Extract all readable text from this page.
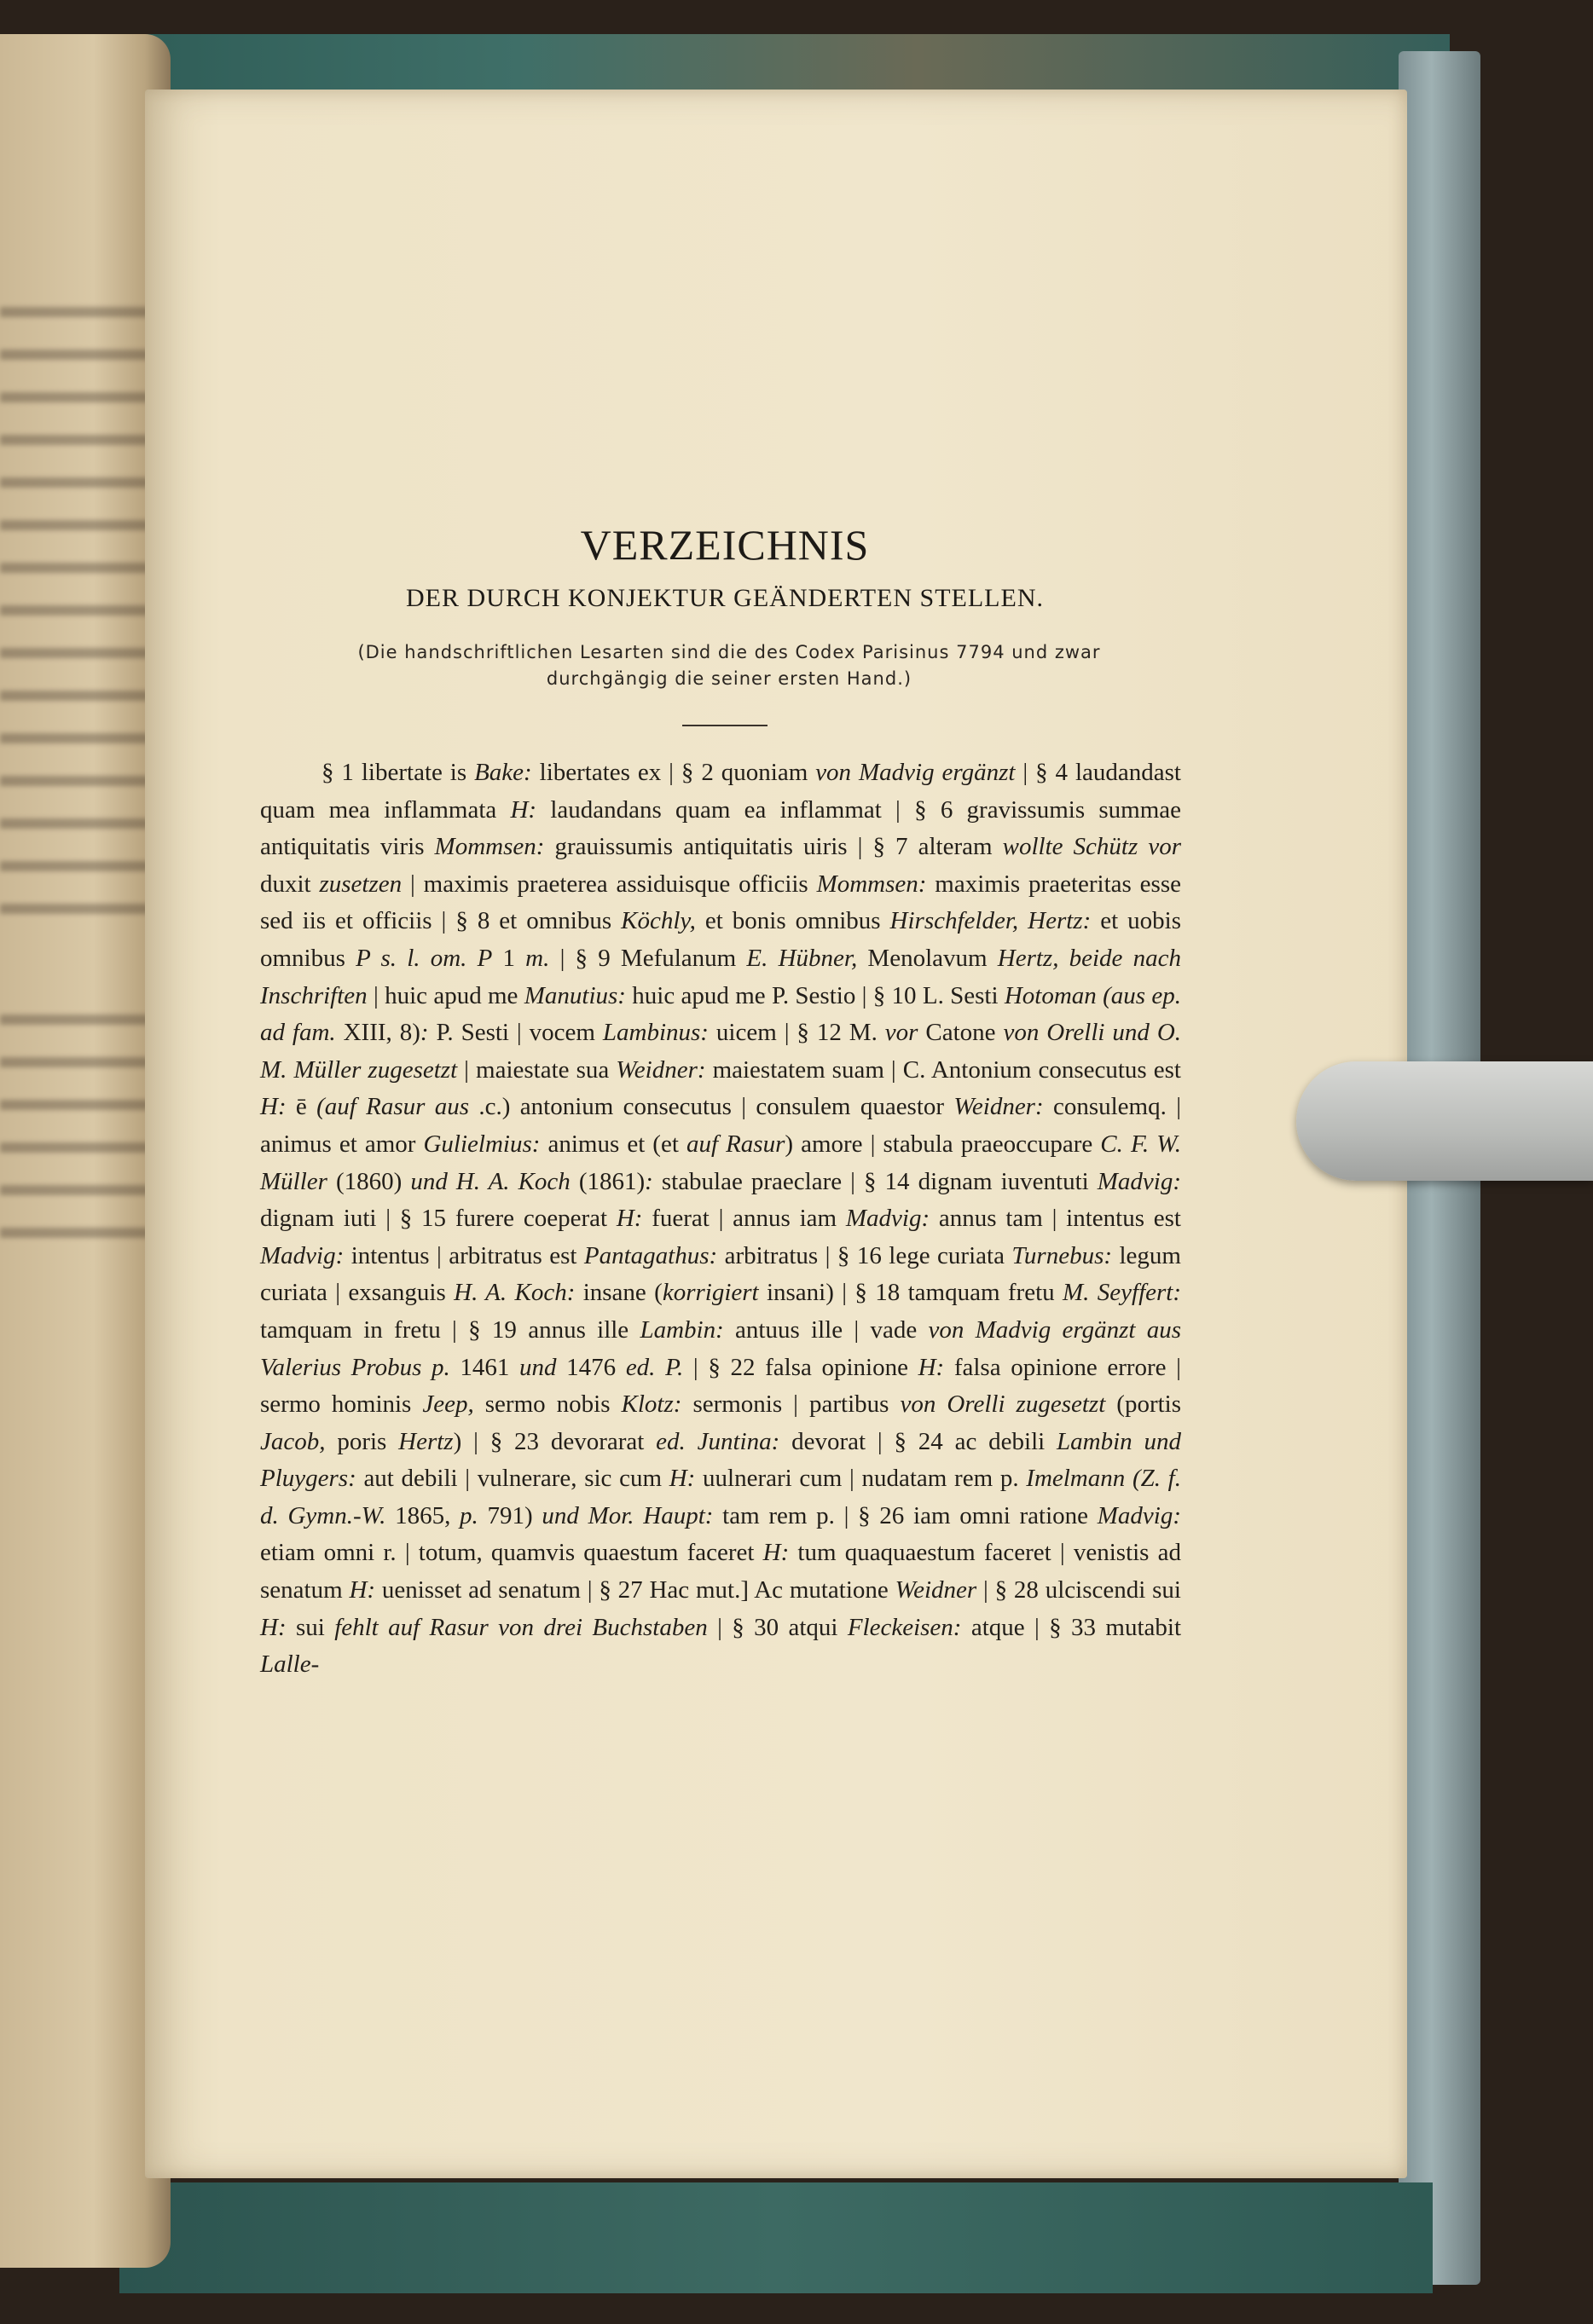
VERZEICHNIS
DER DURCH KONJEKTUR GEÄNDERTEN STELLEN.
(Die handschriftlichen Lesarten sind die des Codex Parisinus 7794 und zwar
durchgängig die seiner ersten Hand.)

§ 1 libertate is Bake: libertates ex | § 2 quoniam von Madvig ergänzt | § 4 laudandast quam mea inflammata H: laudandans quam ea inflammat | § 6 gravissumis summae antiquitatis viris Mommsen: grauissumis antiquitatis uiris | § 7 alteram wollte Schütz vor duxit zusetzen | maximis praeterea assiduisque officiis Mommsen: maximis praeteritas esse sed iis et officiis | § 8 et omnibus Köchly, et bonis omnibus Hirschfelder, Hertz: et uobis omnibus P s. l. om. P 1 m. | § 9 Mefulanum E. Hübner, Menolavum Hertz, beide nach Inschriften | huic apud me Manutius: huic apud me P. Sestio | § 10 L. Sesti Hotoman (aus ep. ad fam. XIII, 8): P. Sesti | vocem Lambinus: uicem | § 12 M. vor Catone von Orelli und O. M. Müller zugesetzt | maiestate sua Weidner: maiestatem suam | C. Antonium consecutus est H: ē (auf Rasur aus .c.) antonium consecutus | consulem quaestor Weidner: consulemq. | animus et amor Gulielmius: animus et (et auf Rasur) amore | stabula praeoccupare C. F. W. Müller (1860) und H. A. Koch (1861): stabulae praeclare | § 14 dignam iuventuti Madvig: dignam iuti | § 15 furere coeperat H: fuerat | annus iam Madvig: annus tam | intentus est Madvig: intentus | arbitratus est Pantagathus: arbitratus | § 16 lege curiata Turnebus: legum curiata | exsanguis H. A. Koch: insane (korrigiert insani) | § 18 tamquam fretu M. Seyffert: tamquam in fretu | § 19 annus ille Lambin: antuus ille | vade von Madvig ergänzt aus Valerius Probus p. 1461 und 1476 ed. P. | § 22 falsa opinione H: falsa opinione errore | sermo hominis Jeep, sermo nobis Klotz: sermonis | partibus von Orelli zugesetzt (portis Jacob, poris Hertz) | § 23 devorarat ed. Juntina: devorat | § 24 ac debili Lambin und Pluygers: aut debili | vulnerare, sic cum H: uulnerari cum | nudatam rem p. Imelmann (Z. f. d. Gymn.-W. 1865, p. 791) und Mor. Haupt: tam rem p. | § 26 iam omni ratione Madvig: etiam omni r. | totum, quamvis quaestum faceret H: tum quaquaestum faceret | venistis ad senatum H: uenisset ad senatum | § 27 Hac mut.] Ac mutatione Weidner | § 28 ulciscendi sui H: sui fehlt auf Rasur von drei Buchstaben | § 30 atqui Fleckeisen: atque | § 33 mutabit Lalle-
